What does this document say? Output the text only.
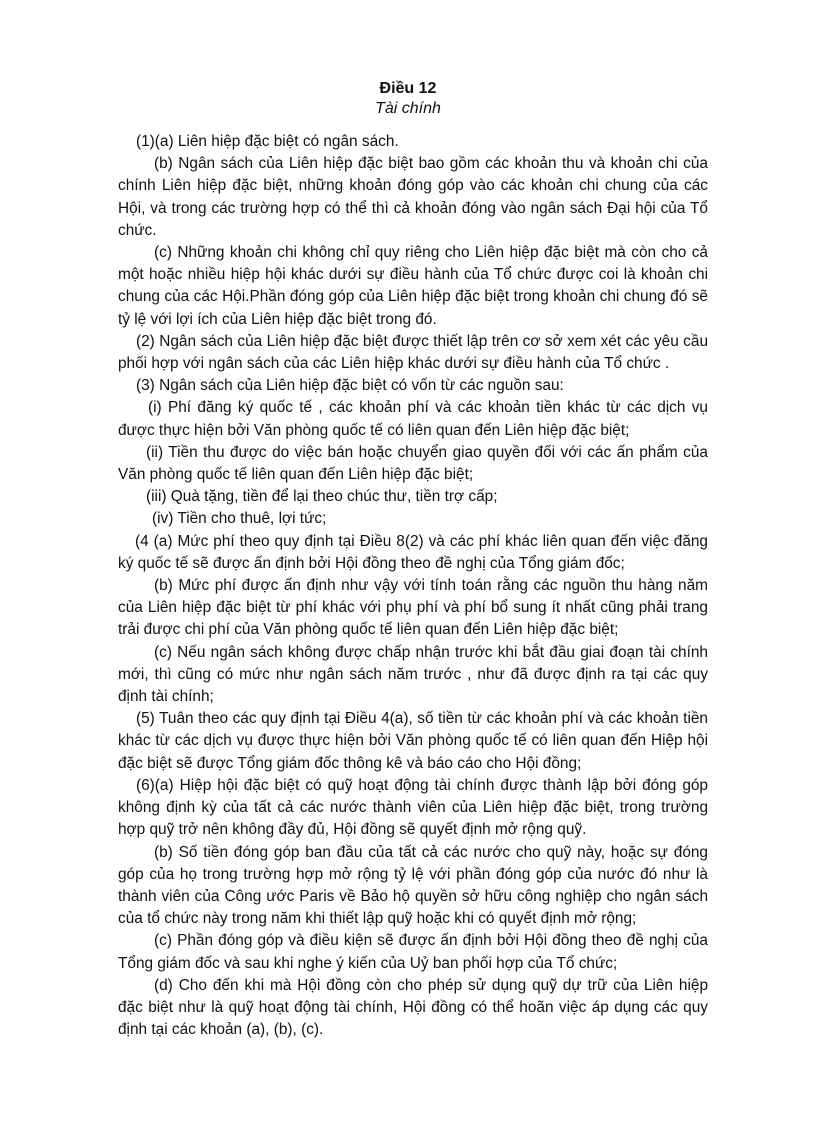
Điều 12
Tài chính

(1)(a) Liên hiệp đặc biệt có ngân sách.

(b) Ngân sách của Liên hiệp đặc biệt bao gồm các khoản thu và khoản chi của chính Liên hiệp đặc biệt, những khoản đóng góp vào các khoản chi chung của các Hội, và trong các trường hợp có thể thì cả khoản đóng vào ngân sách Đại hội của Tổ chức.

(c) Những khoản chi không chỉ quy riêng cho Liên hiệp đặc biệt mà còn cho cả một hoặc nhiều hiệp hội khác dưới sự điều hành của Tổ chức được coi là khoản chi chung của các Hội.Phần đóng góp của Liên hiệp đặc biệt trong khoản chi chung đó sẽ tỷ lệ với lợi ích của Liên hiệp đặc biệt trong đó.

(2) Ngân sách của Liên hiệp đặc biệt được thiết lập trên cơ sở xem xét các yêu cầu phối hợp với ngân sách của các Liên hiệp khác dưới sự điều hành của Tổ chức .

(3) Ngân sách của Liên hiệp đặc biệt có vốn từ các nguồn sau:

(i) Phí đăng ký quốc tế , các khoản phí và các khoản tiền khác từ các dịch vụ được thực hiện bởi Văn phòng quốc tế có liên quan đến Liên hiệp đặc biệt;

(ii) Tiền thu được do việc bán hoặc chuyển giao quyền đối với các ấn phẩm của Văn phòng quốc tế liên quan đến Liên hiệp đặc biệt;

(iii) Quà tặng, tiền để lại theo chúc thư, tiền trợ cấp;

(iv) Tiền cho thuê, lợi tức;

(4 (a) Mức phí theo quy định tại Điều 8(2) và các phí khác liên quan đến việc đăng ký quốc tế sẽ được ấn định bởi Hội đồng theo đề nghị của Tổng giám đốc;

(b) Mức phí được ấn định như vậy với tính toán rằng các nguồn thu hàng năm của Liên hiệp đặc biệt từ phí khác với phụ phí và phí bổ sung ít nhất cũng phải trang trải được chi phí của Văn phòng quốc tế liên quan đến Liên hiệp đặc biệt;

(c) Nếu ngân sách không được chấp nhận trước khi bắt đầu giai đoạn tài chính mới, thì cũng có mức như ngân sách năm trước , như đã được định ra tại các quy định tài chính;

(5) Tuân theo các quy định tại Điều 4(a), số tiền từ các khoản phí và các khoản tiền khác từ các dịch vụ được thực hiện bởi Văn phòng quốc tế có liên quan đến Hiệp hội đặc biệt sẽ được Tổng giám đốc thông kê và báo cáo cho Hội đồng;

(6)(a) Hiệp hội đặc biệt có quỹ hoạt động tài chính được thành lập bởi đóng góp không định kỳ của tất cả các nước thành viên của Liên hiệp đặc biệt, trong trường hợp quỹ trở nên không đầy đủ, Hội đồng sẽ quyết định mở rộng quỹ.

(b) Số tiền đóng góp ban đầu của tất cả các nước cho quỹ này, hoặc sự đóng góp của họ trong trường hợp mở rộng tỷ lệ với phần đóng góp của nước đó như là thành viên của Công ước Paris về Bảo hộ quyền sở hữu công nghiệp cho ngân sách của tổ chức này trong năm khi thiết lập quỹ hoặc khi có quyết định mở rộng;

(c) Phần đóng góp và điều kiện sẽ được ấn định bởi Hội đồng theo đề nghị của Tổng giám đốc và sau khi nghe ý kiến của Uỷ ban phối hợp của Tổ chức;

(d) Cho đến khi mà Hội đồng còn cho phép sử dụng quỹ dự trữ của Liên hiệp đặc biệt như là quỹ hoạt động tài chính, Hội đồng có thể hoãn việc áp dụng các quy định tại các khoản (a), (b), (c).
